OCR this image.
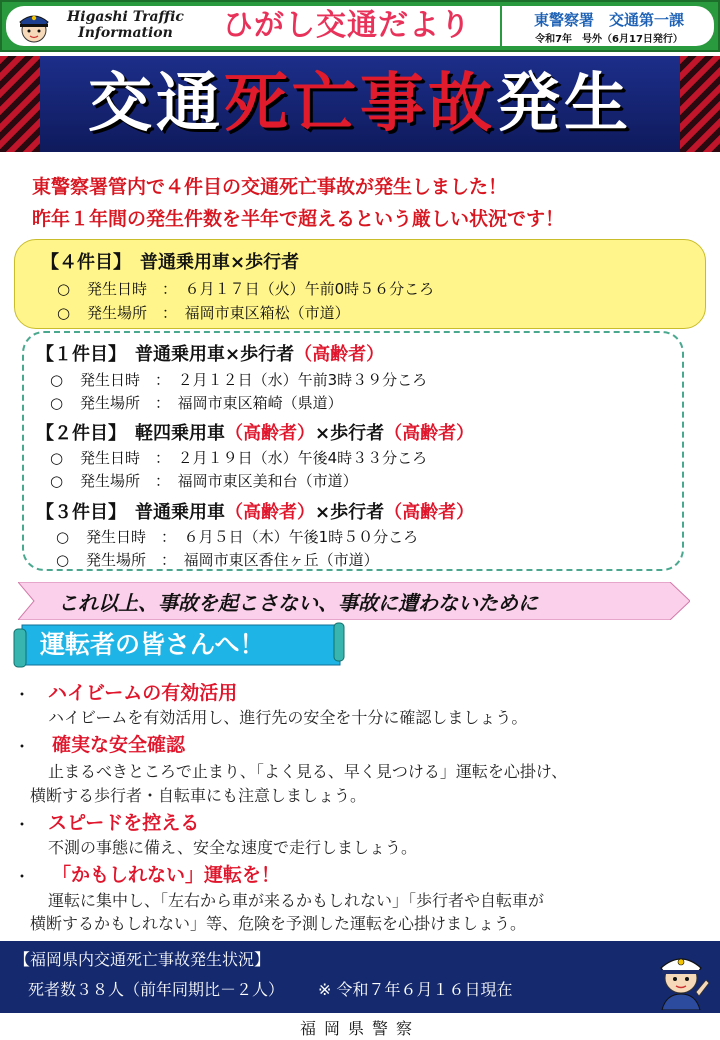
Higashi Traffic
Information	ひがし交通だより	東警察署　交通第一課
令和7年　号外（6月17日発行）
交通死亡事故発生
東警察署管内で４件目の交通死亡事故が発生しました！
昨年１年間の発生件数を半年で超えるという厳しい状況です！
【４件目】　 普通乗用車×歩行者
○ 発生日時　 ：　 ６月１７日（火）午前0時５６分ころ
○ 発生場所　 ：　 福岡市東区箱松（市道）
【１件目】　 普通乗用車×歩行者（高齢者）
○ 発生日時　 ：　 ２月１２日（水）午前3時３９分ころ
○ 発生場所　 ：　 福岡市東区箱崎（県道）
【２件目】　 軽四乗用車（高齢者）×歩行者（高齢者）
○ 発生日時　 ：　 ２月１９日（水）午後4時３３分ころ
○ 発生場所　 ：　 福岡市東区美和台（市道）
【３件目】　 普通乗用車（高齢者）×歩行者（高齢者）
○ 発生日時　 ：　 ６月５日（木）午後1時５０分ころ
○ 発生場所　 ：　 福岡市東区香住ヶ丘（市道）
これ以上、事故を起こさない、事故に遭わないために
運転者の皆さんへ！
・ ハイビームの有効活用
ハイビームを有効活用し、進行先の安全を十分に確認しましょう。
・ 確実な安全確認
止まるべきところで止まり、「よく見る、早く見つける」運転を心掛け、
横断する歩行者・自転車にも注意しましょう。
・ スピードを控える
不測の事態に備え、安全な速度で走行しましょう。
・ 「かもしれない」運転を！
運転に集中し、「左右から車が来るかもしれない」「歩行者や自転車が
横断するかもしれない」等、危険を予測した運転を心掛けましょう。
【福岡県内交通死亡事故発生状況】
死者数３８人（前年同期比－２人） ※ 令和７年６月１６日現在
福岡県警察
